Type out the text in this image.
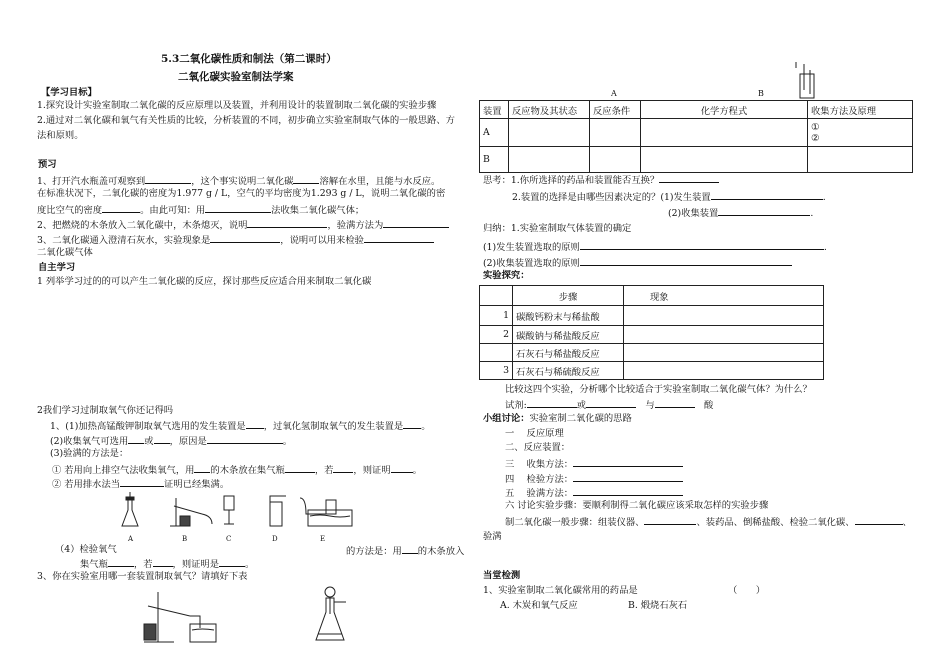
5.3二氧化碳性质和制法（第二课时）
二氧化碳实验室制法学案
【学习目标】
1.探究设计实验室制取二氧化碳的反应原理以及装置，并利用设计的装置制取二氧化碳的实验步骤
2.通过对二氧化碳和氧气有关性质的比较，分析装置的不同，初步确立实验室制取气体的一般思路、方
法和原则。
预习
1、打开汽水瓶盖可观察到	，这个事实说明二氧化碳	溶解在水里，且能与水反应。
在标准状况下，二氧化碳的密度为1.977 g / L，空气的平均密度为1.293 g / L，说明二氧化碳的密
度比空气的密度	。由此可知：用	法收集二氧化碳气体；
2、把燃烧的木条放入二氧化碳中，木条熄灭，说明	，验满方法为
3、二氧化碳通入澄清石灰水，实验现象是	，说明可以用来检验
二氧化碳气体
自主学习
1 列举学习过的的可以产生二氧化碳的反应，探讨那些反应适合用来制取二氧化碳
2我们学习过制取氧气你还记得吗
1、(1)加热高锰酸钾制取氧气选用的发生装置是 ，过氧化氢制取氧气的发生装置是 。
(2)收集氧气可选用 或 ，原因是	。
(3)验满的方法是：
① 若用向上排空气法收集氧气，用 的木条放在集气瓶	，若 ，则证明 。
② 若用排水法当	证明已经集满。
A	B	C	D	E
（4）检验氧气	的方法是：用 的木条放入
集气瓶	，若 ，则证明是	。
3、你在实验室用哪一套装置制取氧气？请填好下表
A	B
装置	反应物及其状态	反应条件	化学方程式	收集方法及原理
A				①
②

B				
思考：1.你所选择的药品和装置能否互换？
2.装置的选择是由哪些因素决定的？(1)发生装置	.
(2)收集装置	.
归纳：1.实验室制取气体装置的确定
(1)发生装置选取的原则	.
(2)收集装置选取的原则
实验探究：
	步骤	现象
1	碳酸钙粉末与稀盐酸	
2	碳酸钠与稀盐酸反应	
	石灰石与稀盐酸反应	
3	石灰石与稀硫酸反应	
比较这四个实验，分析哪个比较适合于实验室制取二氧化碳气体？为什么？
试剂:	或　	与　	酸
小组讨论：实验室制二氧化碳的思路
一　 反应原理
二、反应装置：
三　 收集方法：
四　 检验方法：
五　 验满方法：
六 讨论实验步骤：要顺利制得二氧化碳应该采取怎样的实验步骤
制二氧化碳一般步骤：组装仪器、	、装药品、倒稀盐酸、检验二氧化碳、	、
验满
当堂检测
1、实验室制取二氧化碳常用的药品是	（　　）
A. 木炭和氧气反应	B. 煅烧石灰石
